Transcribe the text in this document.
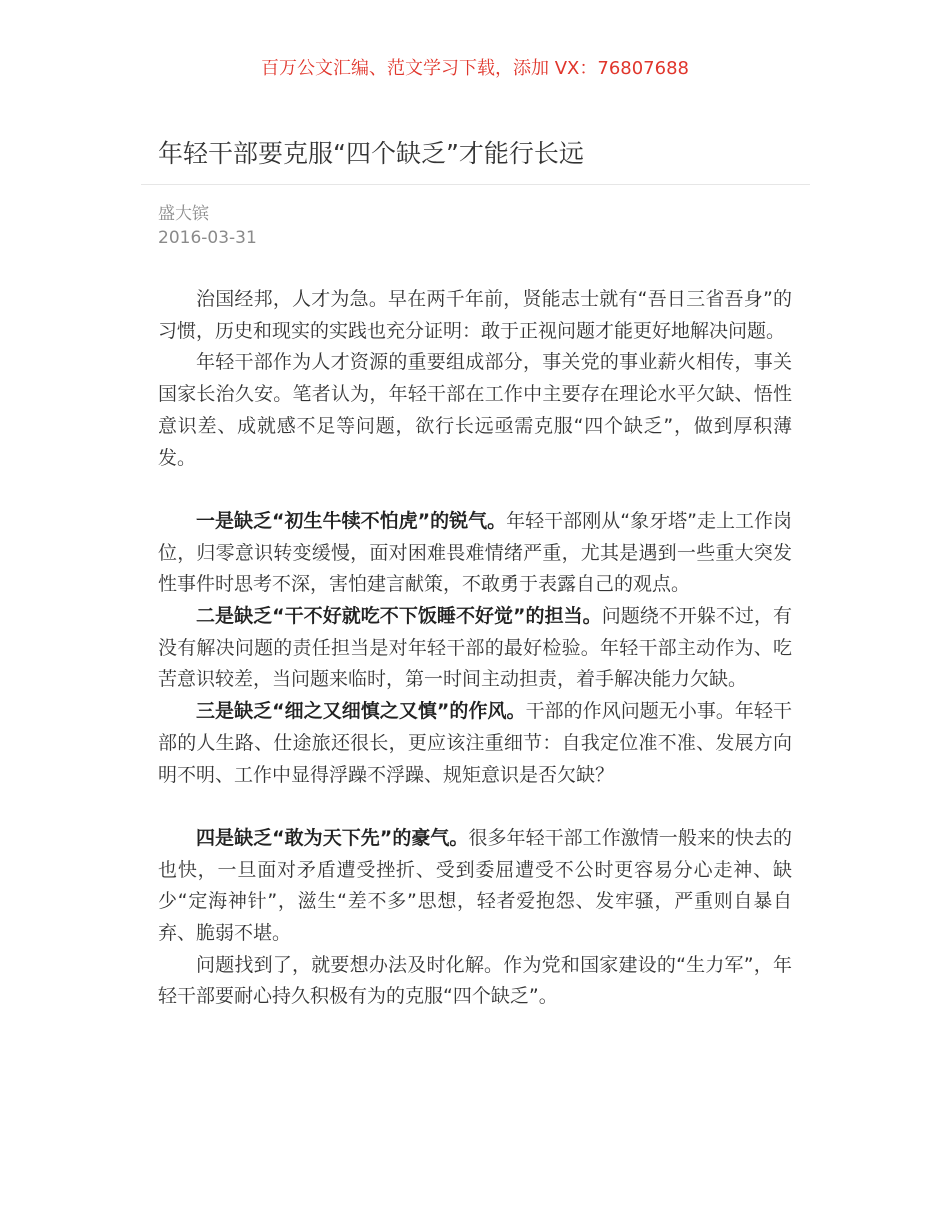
百万公文汇编、范文学习下载，添加 VX：76807688
年轻干部要克服“四个缺乏”才能行长远
盛大镔
2016-03-31

治国经邦，人才为急。早在两千年前，贤能志士就有“吾日三省吾身”的习惯，历史和现实的实践也充分证明：敢于正视问题才能更好地解决问题。

年轻干部作为人才资源的重要组成部分，事关党的事业薪火相传，事关国家长治久安。笔者认为，年轻干部在工作中主要存在理论水平欠缺、悟性意识差、成就感不足等问题，欲行长远亟需克服“四个缺乏”，做到厚积薄发。

一是缺乏“初生牛犊不怕虎”的锐气。年轻干部刚从“象牙塔”走上工作岗位，归零意识转变缓慢，面对困难畏难情绪严重，尤其是遇到一些重大突发性事件时思考不深，害怕建言献策，不敢勇于表露自己的观点。

二是缺乏“干不好就吃不下饭睡不好觉”的担当。问题绕不开躲不过，有没有解决问题的责任担当是对年轻干部的最好检验。年轻干部主动作为、吃苦意识较差，当问题来临时，第一时间主动担责，着手解决能力欠缺。

三是缺乏“细之又细慎之又慎”的作风。干部的作风问题无小事。年轻干部的人生路、仕途旅还很长，更应该注重细节：自我定位准不准、发展方向明不明、工作中显得浮躁不浮躁、规矩意识是否欠缺？

四是缺乏“敢为天下先”的豪气。很多年轻干部工作激情一般来的快去的也快，一旦面对矛盾遭受挫折、受到委屈遭受不公时更容易分心走神、缺少“定海神针”，滋生“差不多”思想，轻者爱抱怨、发牢骚，严重则自暴自弃、脆弱不堪。

问题找到了，就要想办法及时化解。作为党和国家建设的“生力军”，年轻干部要耐心持久积极有为的克服“四个缺乏”。
